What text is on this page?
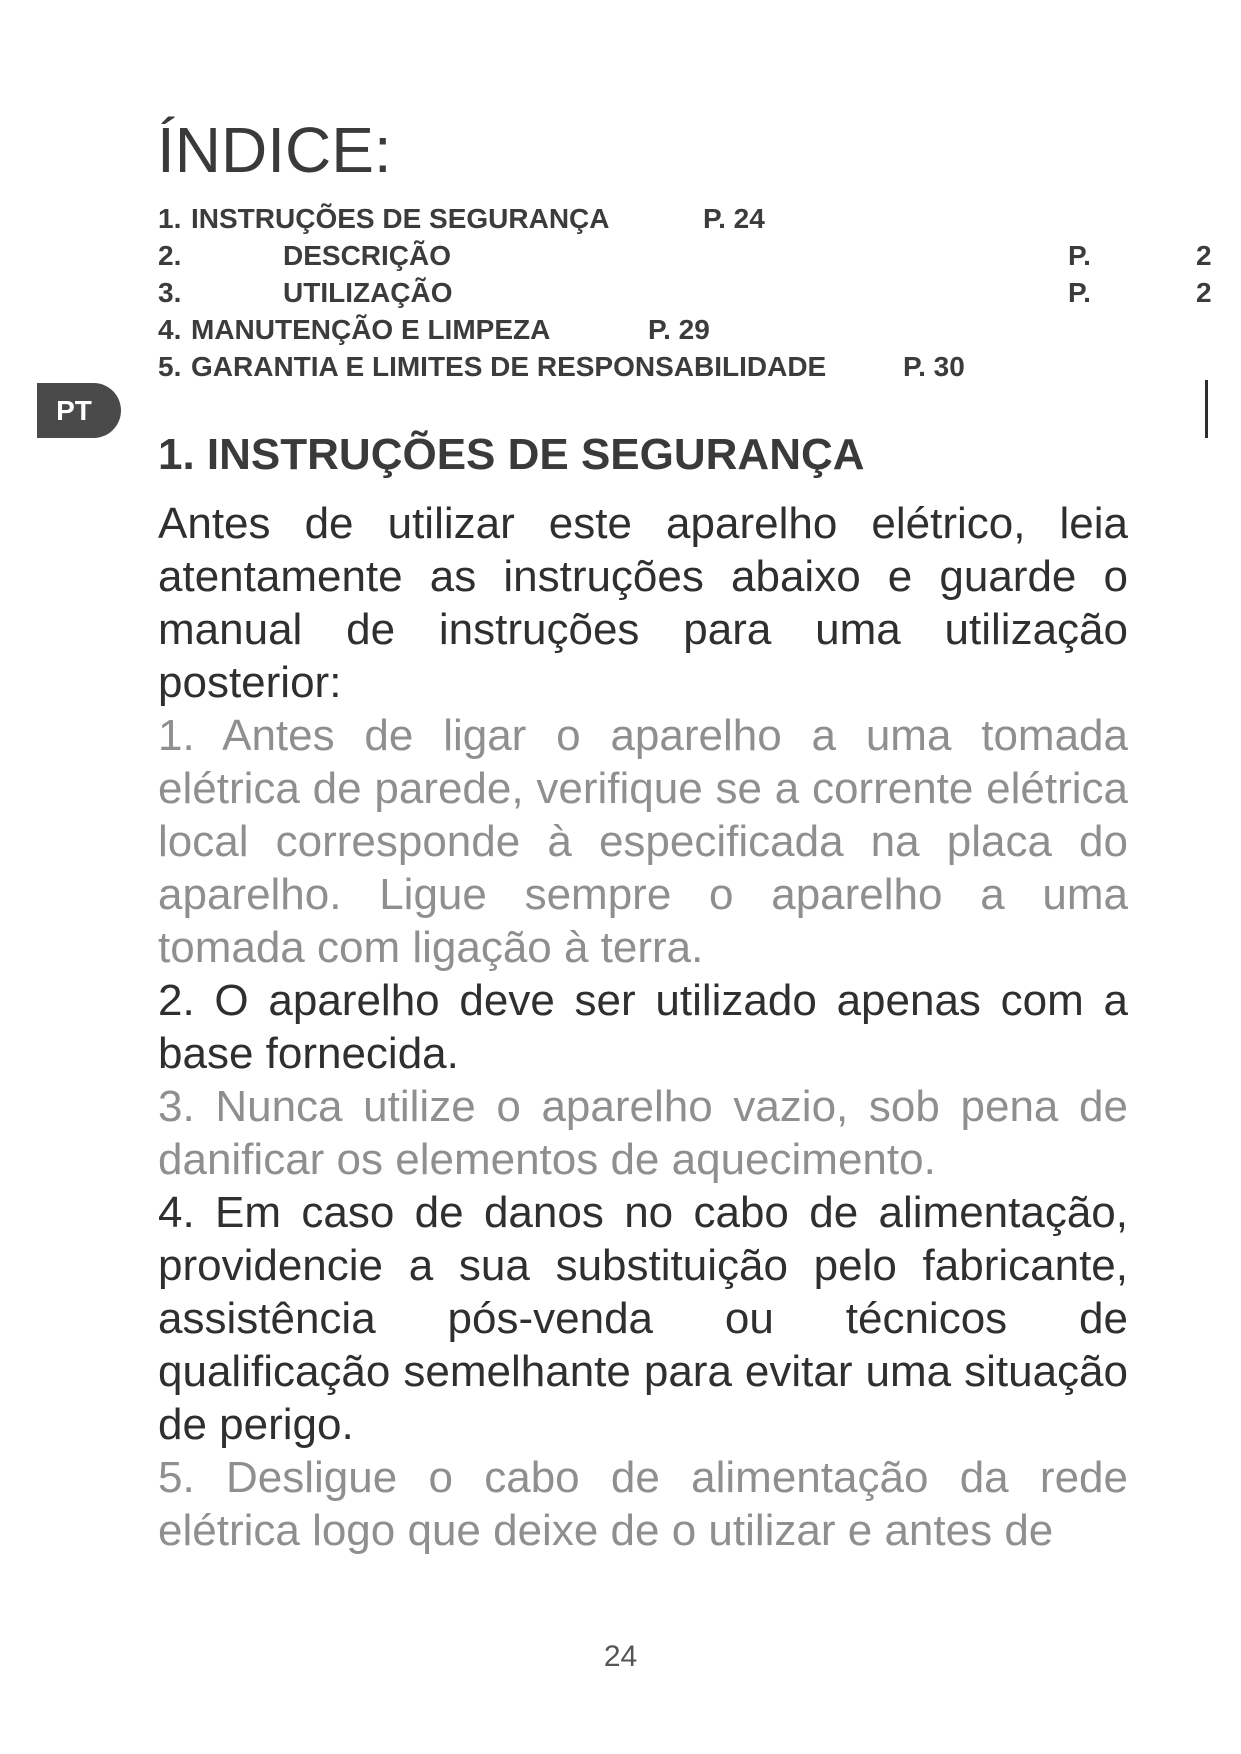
ÍNDICE:
1. INSTRUÇÕES DE SEGURANÇA	P. 24
2.	DESCRIÇÃO	P.	2
3.	UTILIZAÇÃO	P.	2
4. MANUTENÇÃO E LIMPEZA	P. 29
5. GARANTIA E LIMITES DE RESPONSABILIDADE	P. 30
PT
1. INSTRUÇÕES DE SEGURANÇA

Antes de utilizar este aparelho elétrico, leia atentamente as instruções abaixo e guarde o manual de instruções para uma utilização posterior:

1. Antes de ligar o aparelho a uma tomada elétrica de parede, verifique se a corrente elétrica local corresponde à especificada na placa do aparelho. Ligue sempre o aparelho a uma tomada com ligação à terra.

2. O aparelho deve ser utilizado apenas com a base fornecida.

3. Nunca utilize o aparelho vazio, sob pena de danificar os elementos de aquecimento.

4. Em caso de danos no cabo de alimentação, providencie a sua substituição pelo fabricante, assistência pós-venda ou técnicos de qualificação semelhante para evitar uma situação de perigo.

5. Desligue o cabo de alimentação da rede elétrica logo que deixe de o utilizar e antes de

24
